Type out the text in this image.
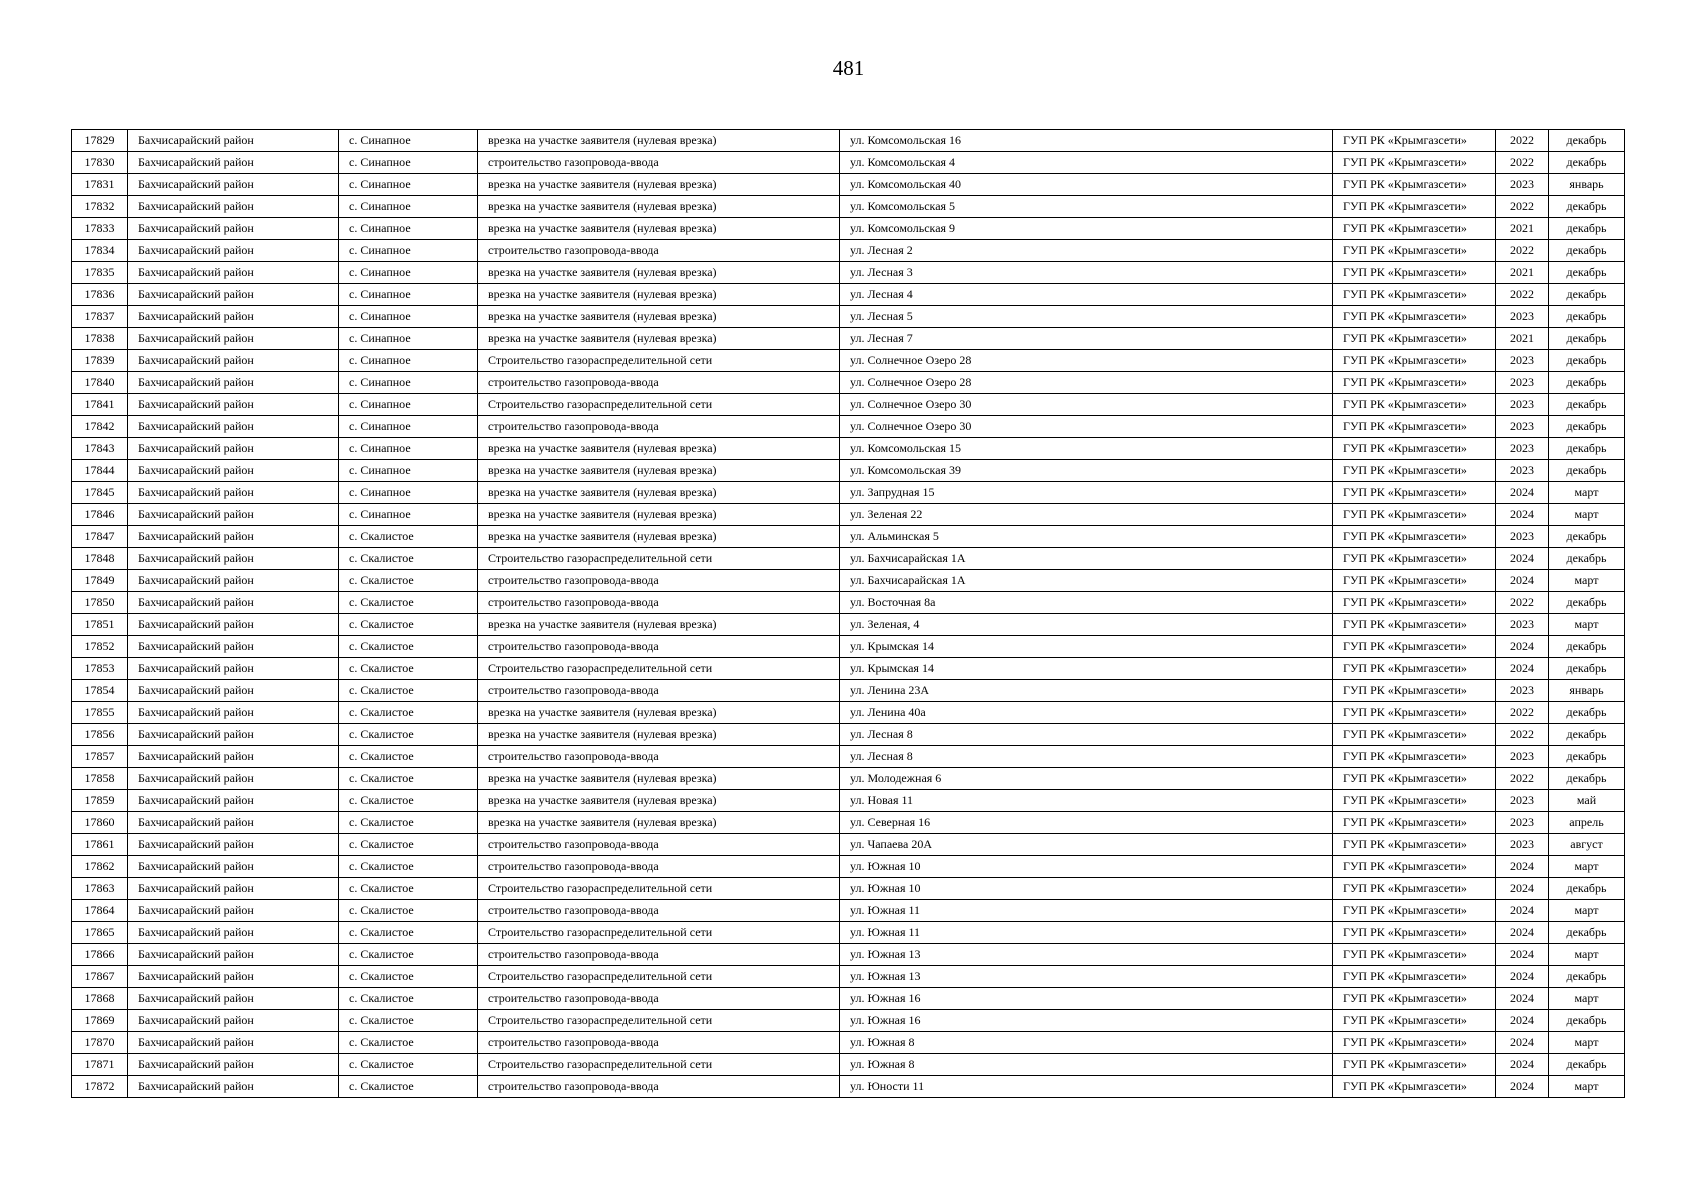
481
17829	Бахчисарайский район	с. Синапное	врезка на участке заявителя (нулевая врезка)	ул. Комсомольская 16	ГУП РК «Крымгазсети»	2022	декабрь
17830	Бахчисарайский район	с. Синапное	строительство газопровода-ввода	ул. Комсомольская 4	ГУП РК «Крымгазсети»	2022	декабрь
17831	Бахчисарайский район	с. Синапное	врезка на участке заявителя (нулевая врезка)	ул. Комсомольская 40	ГУП РК «Крымгазсети»	2023	январь
17832	Бахчисарайский район	с. Синапное	врезка на участке заявителя (нулевая врезка)	ул. Комсомольская 5	ГУП РК «Крымгазсети»	2022	декабрь
17833	Бахчисарайский район	с. Синапное	врезка на участке заявителя (нулевая врезка)	ул. Комсомольская 9	ГУП РК «Крымгазсети»	2021	декабрь
17834	Бахчисарайский район	с. Синапное	строительство газопровода-ввода	ул. Лесная 2	ГУП РК «Крымгазсети»	2022	декабрь
17835	Бахчисарайский район	с. Синапное	врезка на участке заявителя (нулевая врезка)	ул. Лесная 3	ГУП РК «Крымгазсети»	2021	декабрь
17836	Бахчисарайский район	с. Синапное	врезка на участке заявителя (нулевая врезка)	ул. Лесная 4	ГУП РК «Крымгазсети»	2022	декабрь
17837	Бахчисарайский район	с. Синапное	врезка на участке заявителя (нулевая врезка)	ул. Лесная 5	ГУП РК «Крымгазсети»	2023	декабрь
17838	Бахчисарайский район	с. Синапное	врезка на участке заявителя (нулевая врезка)	ул. Лесная 7	ГУП РК «Крымгазсети»	2021	декабрь
17839	Бахчисарайский район	с. Синапное	Строительство газораспределительной сети	ул. Солнечное Озеро 28	ГУП РК «Крымгазсети»	2023	декабрь
17840	Бахчисарайский район	с. Синапное	строительство газопровода-ввода	ул. Солнечное Озеро 28	ГУП РК «Крымгазсети»	2023	декабрь
17841	Бахчисарайский район	с. Синапное	Строительство газораспределительной сети	ул. Солнечное Озеро 30	ГУП РК «Крымгазсети»	2023	декабрь
17842	Бахчисарайский район	с. Синапное	строительство газопровода-ввода	ул. Солнечное Озеро 30	ГУП РК «Крымгазсети»	2023	декабрь
17843	Бахчисарайский район	с. Синапное	врезка на участке заявителя (нулевая врезка)	ул. Комсомольская 15	ГУП РК «Крымгазсети»	2023	декабрь
17844	Бахчисарайский район	с. Синапное	врезка на участке заявителя (нулевая врезка)	ул. Комсомольская 39	ГУП РК «Крымгазсети»	2023	декабрь
17845	Бахчисарайский район	с. Синапное	врезка на участке заявителя (нулевая врезка)	ул. Запрудная 15	ГУП РК «Крымгазсети»	2024	март
17846	Бахчисарайский район	с. Синапное	врезка на участке заявителя (нулевая врезка)	ул. Зеленая 22	ГУП РК «Крымгазсети»	2024	март
17847	Бахчисарайский район	с. Скалистое	врезка на участке заявителя (нулевая врезка)	ул. Альминская 5	ГУП РК «Крымгазсети»	2023	декабрь
17848	Бахчисарайский район	с. Скалистое	Строительство газораспределительной сети	ул. Бахчисарайская 1А	ГУП РК «Крымгазсети»	2024	декабрь
17849	Бахчисарайский район	с. Скалистое	строительство газопровода-ввода	ул. Бахчисарайская 1А	ГУП РК «Крымгазсети»	2024	март
17850	Бахчисарайский район	с. Скалистое	строительство газопровода-ввода	ул. Восточная 8а	ГУП РК «Крымгазсети»	2022	декабрь
17851	Бахчисарайский район	с. Скалистое	врезка на участке заявителя (нулевая врезка)	ул. Зеленая, 4	ГУП РК «Крымгазсети»	2023	март
17852	Бахчисарайский район	с. Скалистое	строительство газопровода-ввода	ул. Крымская 14	ГУП РК «Крымгазсети»	2024	декабрь
17853	Бахчисарайский район	с. Скалистое	Строительство газораспределительной сети	ул. Крымская 14	ГУП РК «Крымгазсети»	2024	декабрь
17854	Бахчисарайский район	с. Скалистое	строительство газопровода-ввода	ул. Ленина 23А	ГУП РК «Крымгазсети»	2023	январь
17855	Бахчисарайский район	с. Скалистое	врезка на участке заявителя (нулевая врезка)	ул. Ленина 40а	ГУП РК «Крымгазсети»	2022	декабрь
17856	Бахчисарайский район	с. Скалистое	врезка на участке заявителя (нулевая врезка)	ул. Лесная 8	ГУП РК «Крымгазсети»	2022	декабрь
17857	Бахчисарайский район	с. Скалистое	строительство газопровода-ввода	ул. Лесная 8	ГУП РК «Крымгазсети»	2023	декабрь
17858	Бахчисарайский район	с. Скалистое	врезка на участке заявителя (нулевая врезка)	ул. Молодежная 6	ГУП РК «Крымгазсети»	2022	декабрь
17859	Бахчисарайский район	с. Скалистое	врезка на участке заявителя (нулевая врезка)	ул. Новая 11	ГУП РК «Крымгазсети»	2023	май
17860	Бахчисарайский район	с. Скалистое	врезка на участке заявителя (нулевая врезка)	ул. Северная 16	ГУП РК «Крымгазсети»	2023	апрель
17861	Бахчисарайский район	с. Скалистое	строительство газопровода-ввода	ул. Чапаева 20А	ГУП РК «Крымгазсети»	2023	август
17862	Бахчисарайский район	с. Скалистое	строительство газопровода-ввода	ул. Южная 10	ГУП РК «Крымгазсети»	2024	март
17863	Бахчисарайский район	с. Скалистое	Строительство газораспределительной сети	ул. Южная 10	ГУП РК «Крымгазсети»	2024	декабрь
17864	Бахчисарайский район	с. Скалистое	строительство газопровода-ввода	ул. Южная 11	ГУП РК «Крымгазсети»	2024	март
17865	Бахчисарайский район	с. Скалистое	Строительство газораспределительной сети	ул. Южная 11	ГУП РК «Крымгазсети»	2024	декабрь
17866	Бахчисарайский район	с. Скалистое	строительство газопровода-ввода	ул. Южная 13	ГУП РК «Крымгазсети»	2024	март
17867	Бахчисарайский район	с. Скалистое	Строительство газораспределительной сети	ул. Южная 13	ГУП РК «Крымгазсети»	2024	декабрь
17868	Бахчисарайский район	с. Скалистое	строительство газопровода-ввода	ул. Южная 16	ГУП РК «Крымгазсети»	2024	март
17869	Бахчисарайский район	с. Скалистое	Строительство газораспределительной сети	ул. Южная 16	ГУП РК «Крымгазсети»	2024	декабрь
17870	Бахчисарайский район	с. Скалистое	строительство газопровода-ввода	ул. Южная 8	ГУП РК «Крымгазсети»	2024	март
17871	Бахчисарайский район	с. Скалистое	Строительство газораспределительной сети	ул. Южная 8	ГУП РК «Крымгазсети»	2024	декабрь
17872	Бахчисарайский район	с. Скалистое	строительство газопровода-ввода	ул. Юности 11	ГУП РК «Крымгазсети»	2024	март
